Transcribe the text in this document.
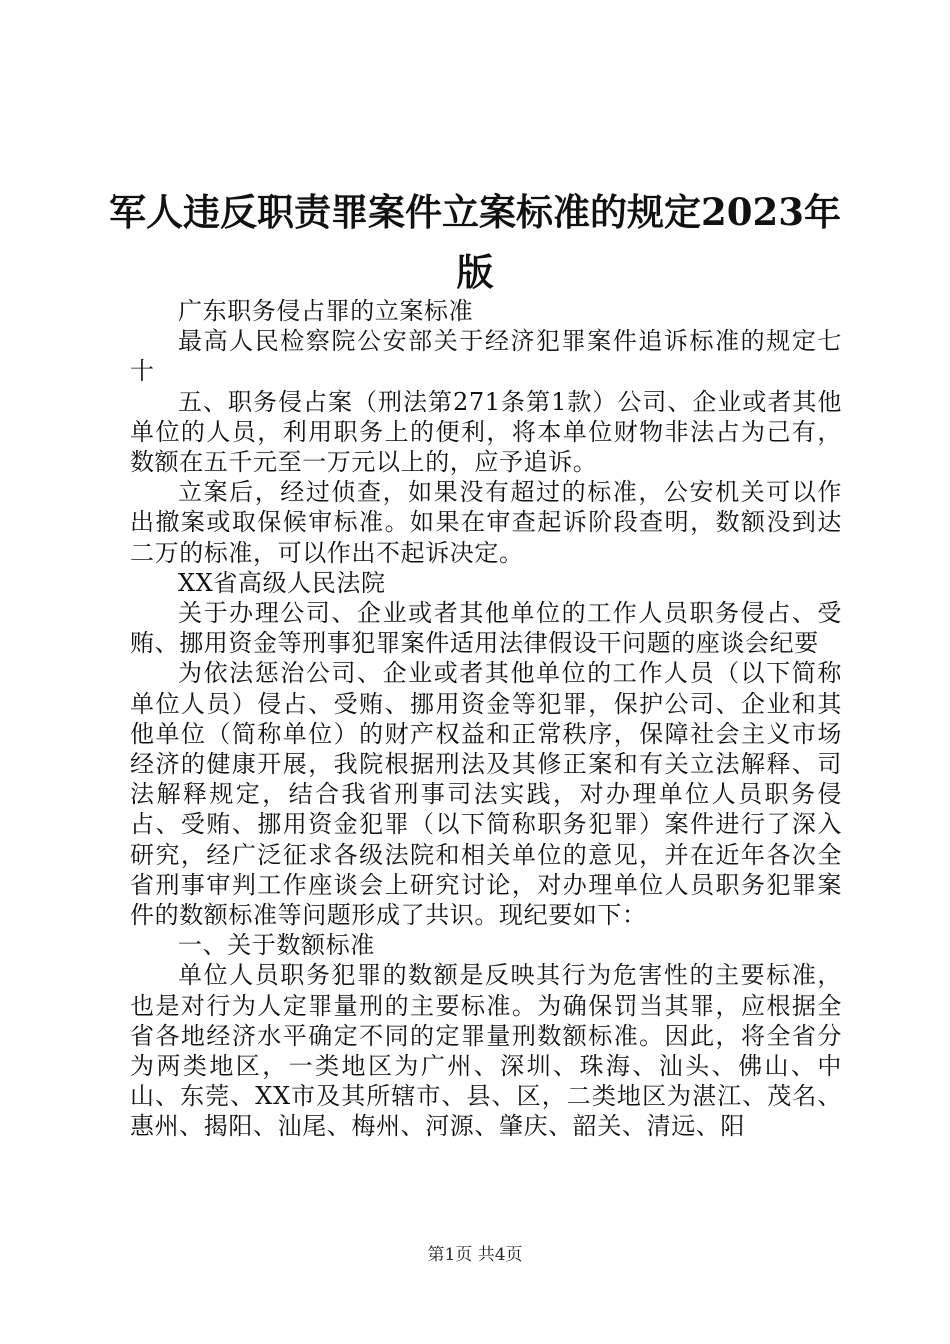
军人违反职责罪案件立案标准的规定2023年版

广东职务侵占罪的立案标准

最高人民检察院公安部关于经济犯罪案件追诉标准的规定七十

五、职务侵占案（刑法第271条第1款）公司、企业或者其他单位的人员，利用职务上的便利，将本单位财物非法占为己有，数额在五千元至一万元以上的，应予追诉。

立案后，经过侦查，如果没有超过的标准，公安机关可以作出撤案或取保候审标准。如果在审查起诉阶段查明，数额没到达二万的标准，可以作出不起诉决定。

XX省高级人民法院

关于办理公司、企业或者其他单位的工作人员职务侵占、受贿、挪用资金等刑事犯罪案件适用法律假设干问题的座谈会纪要

为依法惩治公司、企业或者其他单位的工作人员（以下简称单位人员）侵占、受贿、挪用资金等犯罪，保护公司、企业和其他单位（简称单位）的财产权益和正常秩序，保障社会主义市场经济的健康开展，我院根据刑法及其修正案和有关立法解释、司法解释规定，结合我省刑事司法实践，对办理单位人员职务侵占、受贿、挪用资金犯罪（以下简称职务犯罪）案件进行了深入研究，经广泛征求各级法院和相关单位的意见，并在近年各次全省刑事审判工作座谈会上研究讨论，对办理单位人员职务犯罪案件的数额标准等问题形成了共识。现纪要如下：

一、关于数额标准

单位人员职务犯罪的数额是反映其行为危害性的主要标准，也是对行为人定罪量刑的主要标准。为确保罚当其罪，应根据全省各地经济水平确定不同的定罪量刑数额标准。因此，将全省分为两类地区，一类地区为广州、深圳、珠海、汕头、佛山、中山、东莞、XX市及其所辖市、县、区，二类地区为湛江、茂名、惠州、揭阳、汕尾、梅州、河源、肇庆、韶关、清远、阳

第1页 共4页
